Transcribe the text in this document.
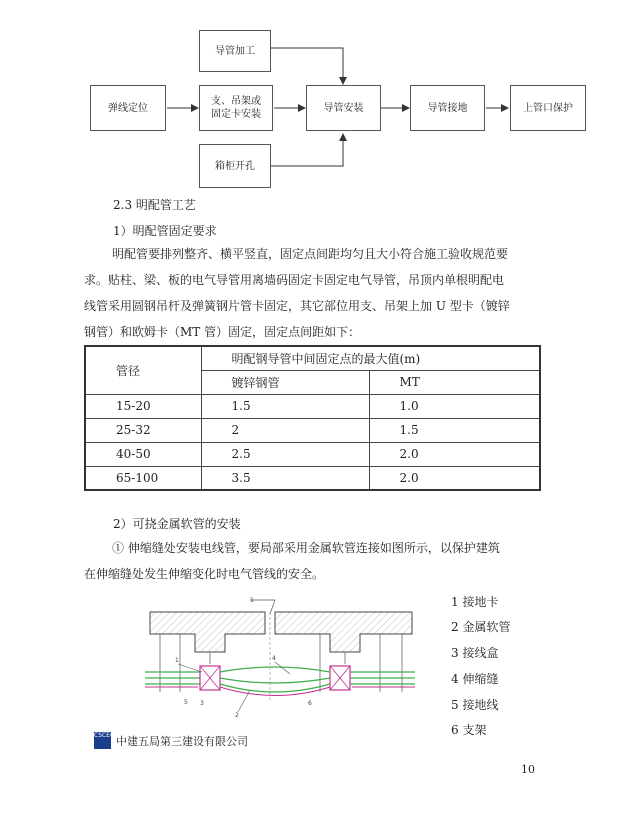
导管加工
弹线定位
支、吊架或
固定卡安装
导管安装	导管接地	上管口保护
箱柜开孔
2.3 明配管工艺
1）明配管固定要求
明配管要排列整齐、横平竖直，固定点间距均匀且大小符合施工验收规范要
求。贴柱、梁、板的电气导管用离墙码固定卡固定电气导管，吊顶内单根明配电
线管采用圆钢吊杆及弹簧钢片管卡固定，其它部位用支、吊架上加 U 型卡（镀锌
钢管）和欧姆卡（MT 管）固定，固定点间距如下：
管径	明配钢导管中间固定点的最大值(m)	
	镀锌钢管	MT
15-20	1.5	1.0
25-32	2	1.5
40-50	2.5	2.0
65-100	3.5	2.0
2）可挠金属软管的安装
① 伸缩缝处安装电线管，要局部采用金属软管连接如图所示，以保护建筑
在伸缩缝处发生伸缩变化时电气管线的安全。
1
1
2
3
4
5	6
1 接地卡
2 金属软管
3 接线盒
4 伸缩缝
5 接地线
6 支架
CSCEC 中建五局第三建设有限公司
10
